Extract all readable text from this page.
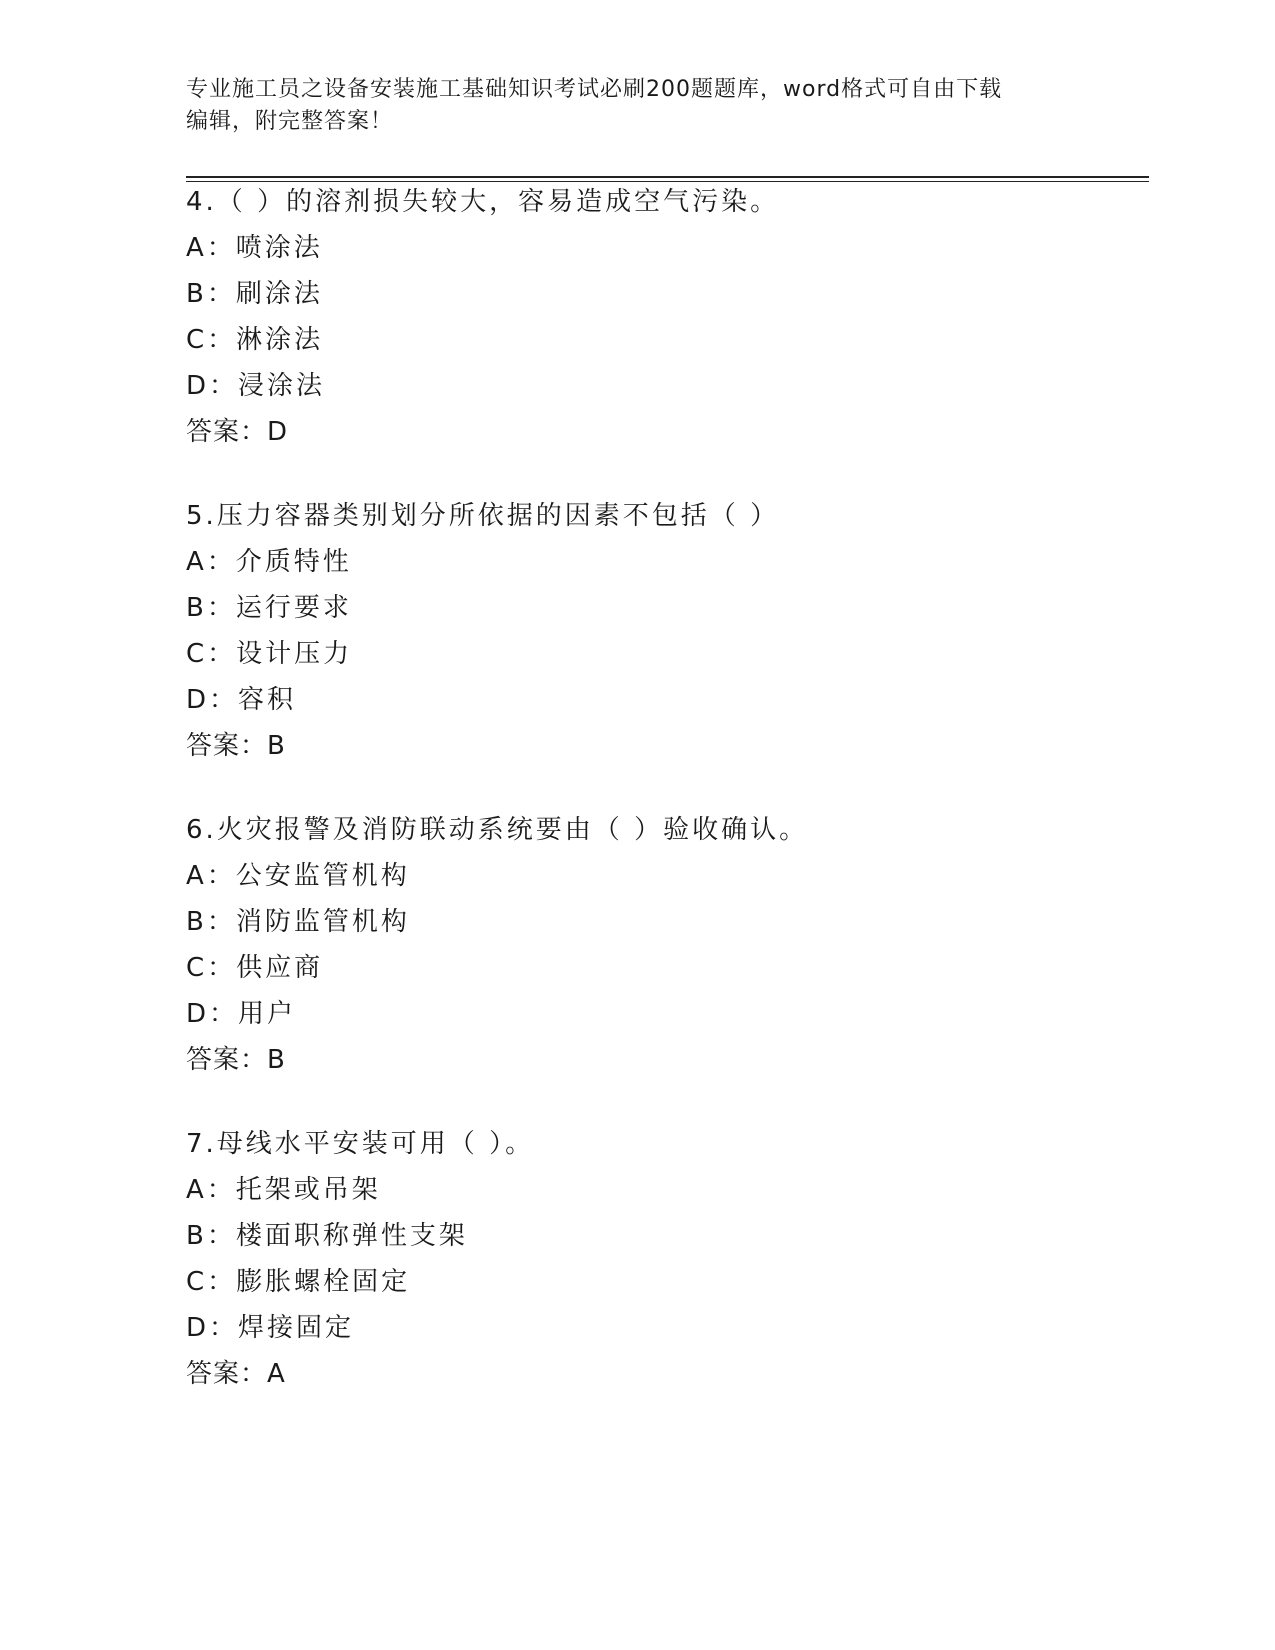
专业施工员之设备安装施工基础知识考试必刷200题题库，word格式可自由下载
编辑，附完整答案！
4.（ ）的溶剂损失较大，容易造成空气污染。
A：喷涂法
B：刷涂法
C：淋涂法
D：浸涂法
答案：D
5.压力容器类别划分所依据的因素不包括（ ）
A：介质特性
B：运行要求
C：设计压力
D：容积
答案：B
6.火灾报警及消防联动系统要由（ ）验收确认。
A：公安监管机构
B：消防监管机构
C：供应商
D：用户
答案：B
7.母线水平安装可用（ ）。
A：托架或吊架
B：楼面职称弹性支架
C：膨胀螺栓固定
D：焊接固定
答案：A
